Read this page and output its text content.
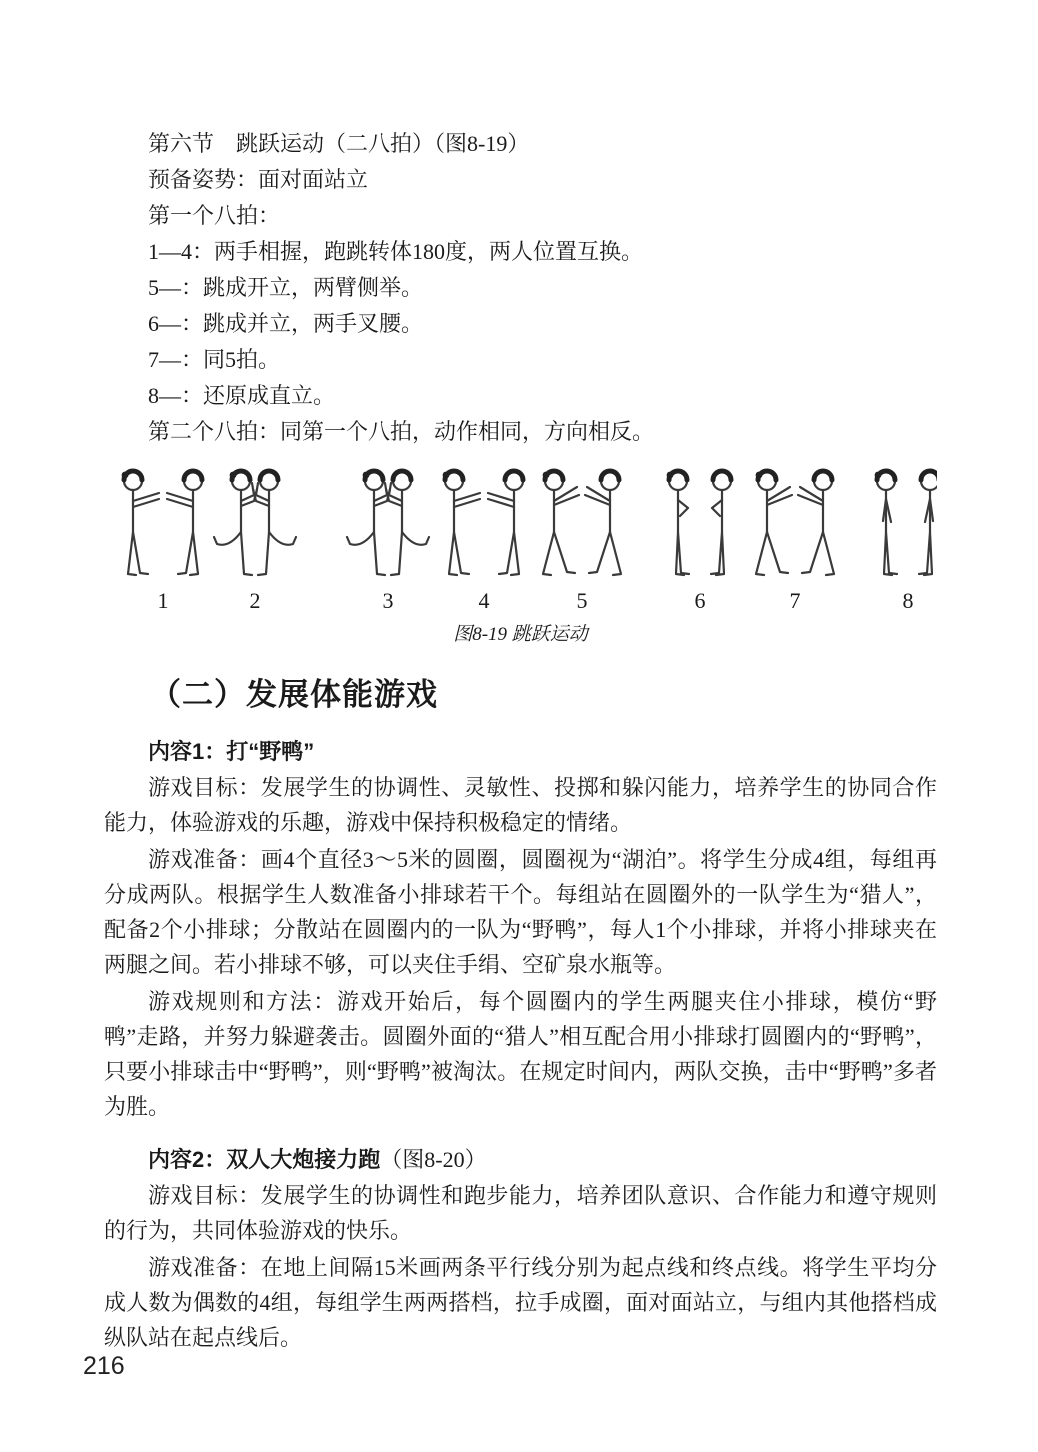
第六节　跳跃运动（二八拍）（图8-19）

预备姿势：面对面站立

第一个八拍：

1—4：两手相握，跑跳转体180度，两人位置互换。

5—：跳成开立，两臂侧举。

6—：跳成并立，两手叉腰。

7—：同5拍。

8—：还原成直立。

第二个八拍：同第一个八拍，动作相同，方向相反。

1	2	3	4	5	6	7	8
图8-19 跳跃运动
（二）发展体能游戏
内容1：打“野鸭”

游戏目标：发展学生的协调性、灵敏性、投掷和躲闪能力，培养学生的协同合作能力，体验游戏的乐趣，游戏中保持积极稳定的情绪。

游戏准备：画4个直径3～5米的圆圈，圆圈视为“湖泊”。将学生分成4组，每组再分成两队。根据学生人数准备小排球若干个。每组站在圆圈外的一队学生为“猎人”，配备2个小排球；分散站在圆圈内的一队为“野鸭”，每人1个小排球，并将小排球夹在两腿之间。若小排球不够，可以夹住手绢、空矿泉水瓶等。

游戏规则和方法：游戏开始后，每个圆圈内的学生两腿夹住小排球，模仿“野鸭”走路，并努力躲避袭击。圆圈外面的“猎人”相互配合用小排球打圆圈内的“野鸭”，只要小排球击中“野鸭”，则“野鸭”被淘汰。在规定时间内，两队交换，击中“野鸭”多者为胜。

内容2：双人大炮接力跑（图8-20）

游戏目标：发展学生的协调性和跑步能力，培养团队意识、合作能力和遵守规则的行为，共同体验游戏的快乐。

游戏准备：在地上间隔15米画两条平行线分别为起点线和终点线。将学生平均分成人数为偶数的4组，每组学生两两搭档，拉手成圈，面对面站立，与组内其他搭档成纵队站在起点线后。

216
